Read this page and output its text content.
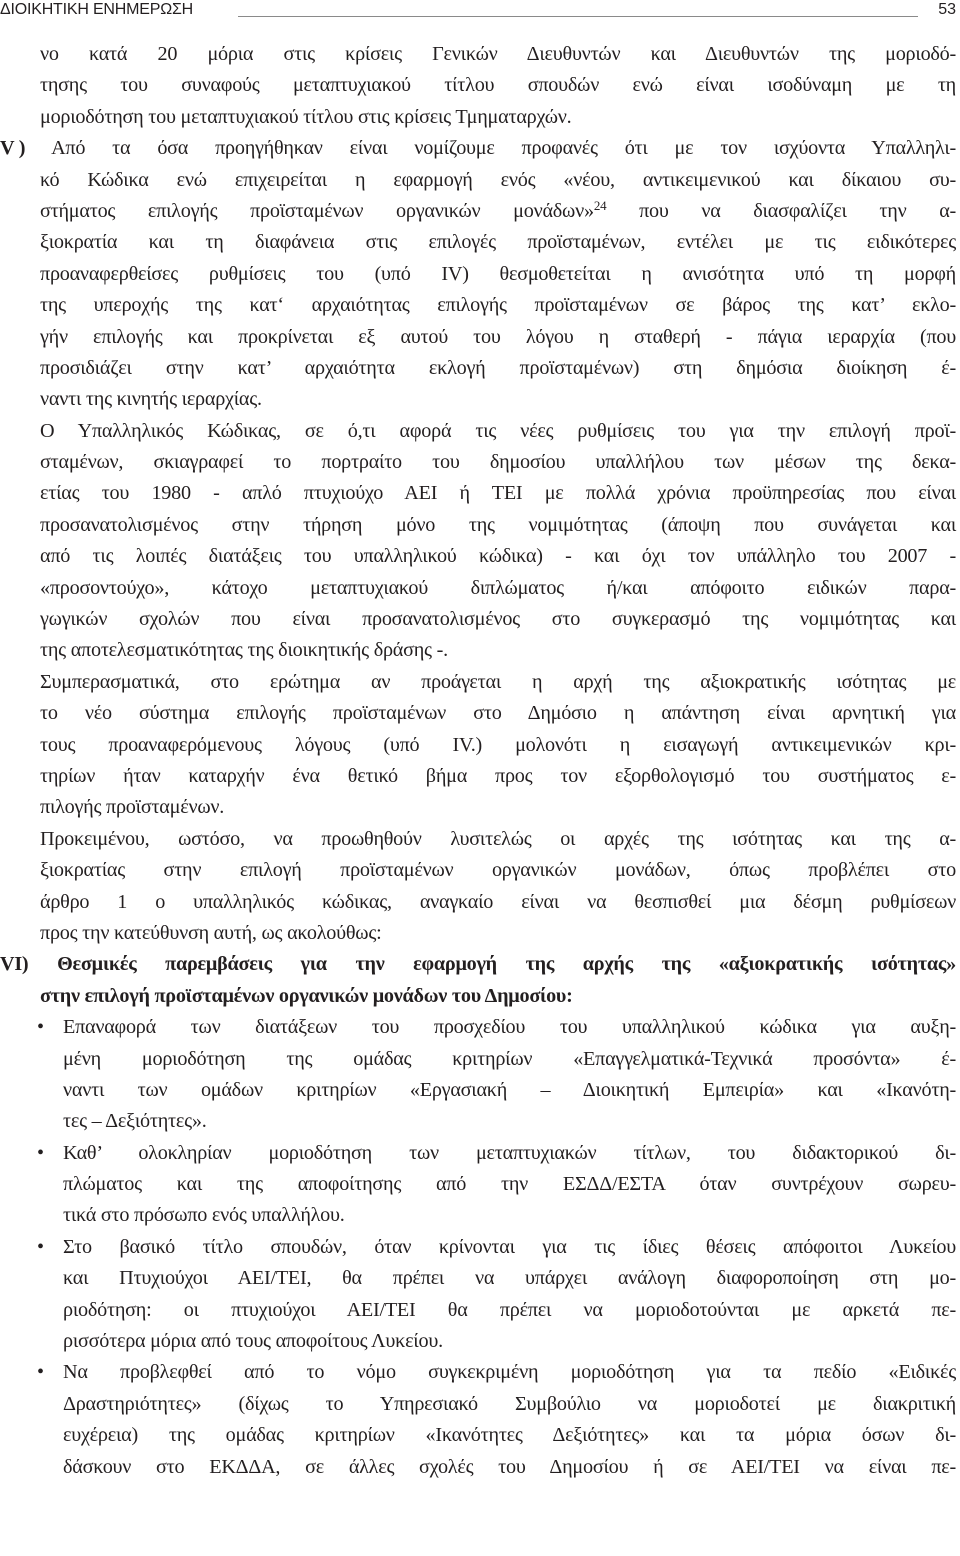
ΔΙΟΙΚΗΤΙΚΗ ΕΝΗΜΕΡΩΣΗ	53
νο κατά 20 μόρια στις κρίσεις Γενικών Διευθυντών και Διευθυντών της μοριοδό-
τησης του συναφούς μεταπτυχιακού τίτλου σπουδών ενώ είναι ισοδύναμη με τη
μοριοδότηση του μεταπτυχιακού τίτλου στις κρίσεις Τμηματαρχών.
V ) Από τα όσα προηγήθηκαν είναι νομίζουμε προφανές ότι με τον ισχύοντα Υπαλληλι-
κό Κώδικα ενώ επιχειρείται η εφαρμογή ενός «νέου, αντικειμενικού και δίκαιου συ-
στήματος επιλογής προϊσταμένων οργανικών μονάδων»$^{24}$ που να διασφαλίζει την α-
ξιοκρατία και τη διαφάνεια στις επιλογές προϊσταμένων, εντέλει με τις ειδικότερες
προαναφερθείσες ρυθμίσεις του (υπό IV) θεσμοθετείται η ανισότητα υπό τη μορφή
της υπεροχής της κατ‘ αρχαιότητας επιλογής προϊσταμένων σε βάρος της κατ’ εκλο-
γήν επιλογής και προκρίνεται εξ αυτού του λόγου η σταθερή - πάγια ιεραρχία (που
προσιδιάζει στην κατ’ αρχαιότητα εκλογή προϊσταμένων) στη δημόσια διοίκηση έ-
ναντι της κινητής ιεραρχίας.
Ο Υπαλληλικός Κώδικας, σε ό,τι αφορά τις νέες ρυθμίσεις του για την επιλογή προϊ-
σταμένων, σκιαγραφεί το πορτραίτο του δημοσίου υπαλλήλου των μέσων της δεκα-
ετίας του 1980 - απλό πτυχιούχο ΑΕΙ ή ΤΕΙ με πολλά χρόνια προϋπηρεσίας που είναι
προσανατολισμένος στην τήρηση μόνο της νομιμότητας (άποψη που συνάγεται και
από τις λοιπές διατάξεις του υπαλληλικού κώδικα) - και όχι τον υπάλληλο του 2007 -
«προσοντούχο», κάτοχο μεταπτυχιακού διπλώματος ή/και απόφοιτο ειδικών παρα-
γωγικών σχολών που είναι προσανατολισμένος στο συγκερασμό της νομιμότητας και
της αποτελεσματικότητας της διοικητικής δράσης -.
Συμπερασματικά, στο ερώτημα αν προάγεται η αρχή της αξιοκρατικής ισότητας με
το νέο σύστημα επιλογής προϊσταμένων στο Δημόσιο η απάντηση είναι αρνητική για
τους προαναφερόμενους λόγους (υπό IV.) μολονότι η εισαγωγή αντικειμενικών κρι-
τηρίων ήταν καταρχήν ένα θετικό βήμα προς τον εξορθολογισμό του συστήματος ε-
πιλογής προϊσταμένων.
Προκειμένου, ωστόσο, να προωθηθούν λυσιτελώς οι αρχές της ισότητας και της α-
ξιοκρατίας στην επιλογή προϊσταμένων οργανικών μονάδων, όπως προβλέπει στο
άρθρο 1 ο υπαλληλικός κώδικας, αναγκαίο είναι να θεσπισθεί μια δέσμη ρυθμίσεων
προς την κατεύθυνση αυτή, ως ακολούθως:
VI) Θεσμικές παρεμβάσεις για την εφαρμογή της αρχής της «αξιοκρατικής ισότητας»
στην επιλογή προϊσταμένων οργανικών μονάδων του Δημοσίου:
• Επαναφορά των διατάξεων του προσχεδίου του υπαλληλικού κώδικα για αυξη-
μένη μοριοδότηση της ομάδας κριτηρίων «Επαγγελματικά-Τεχνικά προσόντα» έ-
ναντι των ομάδων κριτηρίων «Εργασιακή – Διοικητική Εμπειρία» και «Ικανότη-
τες – Δεξιότητες».
• Καθ’ ολοκληρίαν μοριοδότηση των μεταπτυχιακών τίτλων, του διδακτορικού δι-
πλώματος και της αποφοίτησης από την ΕΣΔΔ/ΕΣΤΑ όταν συντρέχουν σωρευ-
τικά στο πρόσωπο ενός υπαλλήλου.
• Στο βασικό τίτλο σπουδών, όταν κρίνονται για τις ίδιες θέσεις απόφοιτοι Λυκείου
και Πτυχιούχοι ΑΕΙ/ΤΕΙ, θα πρέπει να υπάρχει ανάλογη διαφοροποίηση στη μο-
ριοδότηση: οι πτυχιούχοι ΑΕΙ/ΤΕΙ θα πρέπει να μοριοδοτούνται με αρκετά πε-
ρισσότερα μόρια από τους αποφοίτους Λυκείου.
• Να προβλεφθεί από το νόμο συγκεκριμένη μοριοδότηση για τα πεδίο «Ειδικές
Δραστηριότητες» (δίχως το Υπηρεσιακό Συμβούλιο να μοριοδοτεί με διακριτική
ευχέρεια) της ομάδας κριτηρίων «Ικανότητες Δεξιότητες» και τα μόρια όσων δι-
δάσκουν στο ΕΚΔΔΑ, σε άλλες σχολές του Δημοσίου ή σε ΑΕΙ/ΤΕΙ να είναι πε-
